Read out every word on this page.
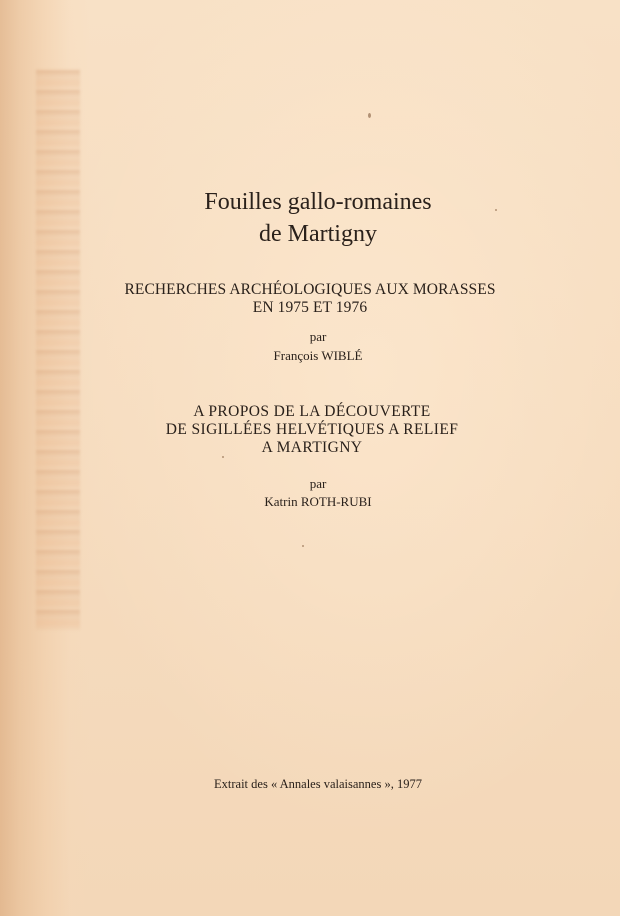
Fouilles gallo-romaines
de Martigny
RECHERCHES ARCHÉOLOGIQUES AUX MORASSES
EN 1975 ET 1976
par
François WIBLÉ
A PROPOS DE LA DÉCOUVERTE
DE SIGILLÉES HELVÉTIQUES A RELIEF
A MARTIGNY
par
Katrin ROTH-RUBI
Extrait des « Annales valaisannes », 1977
